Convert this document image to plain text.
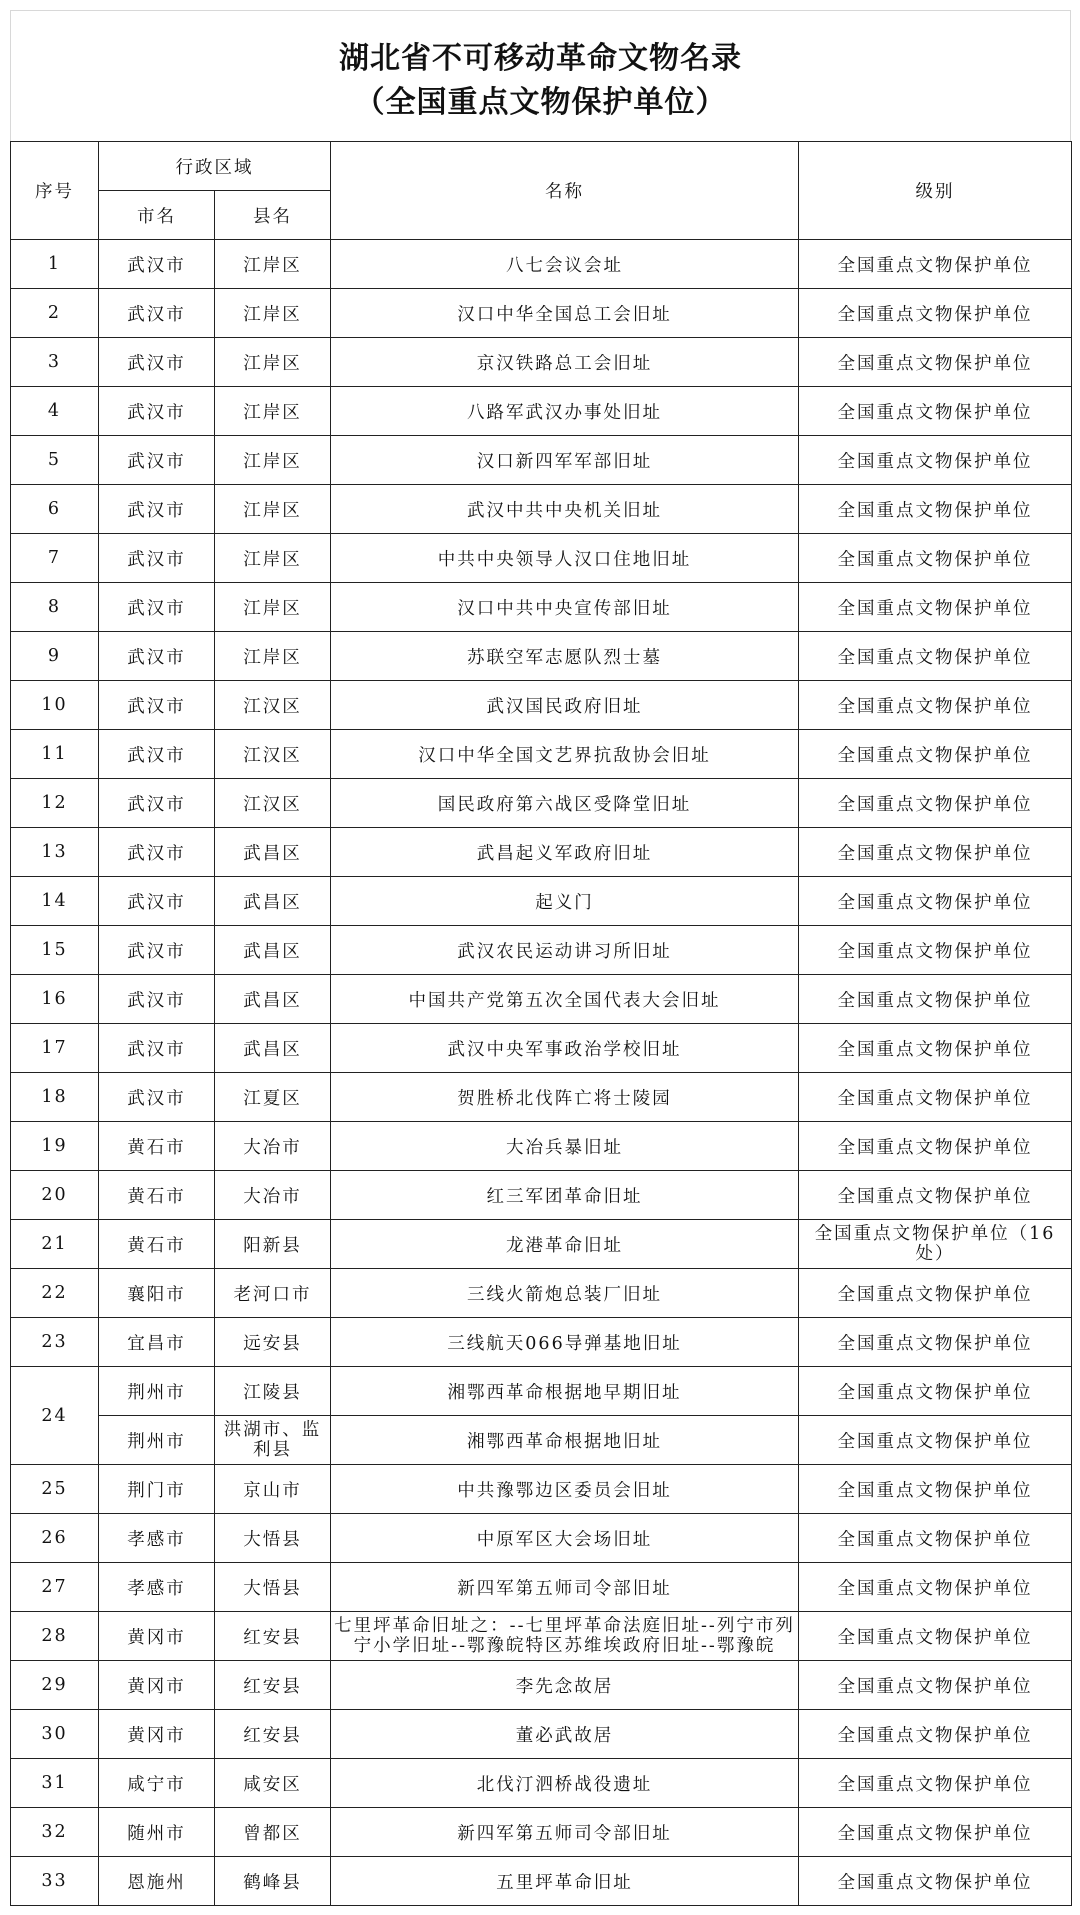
湖北省不可移动革命文物名录
（全国重点文物保护单位）
序号	行政区域		名称	级别
	市名	县名		
1	武汉市	江岸区	八七会议会址	全国重点文物保护单位
2	武汉市	江岸区	汉口中华全国总工会旧址	全国重点文物保护单位
3	武汉市	江岸区	京汉铁路总工会旧址	全国重点文物保护单位
4	武汉市	江岸区	八路军武汉办事处旧址	全国重点文物保护单位
5	武汉市	江岸区	汉口新四军军部旧址	全国重点文物保护单位
6	武汉市	江岸区	武汉中共中央机关旧址	全国重点文物保护单位
7	武汉市	江岸区	中共中央领导人汉口住地旧址	全国重点文物保护单位
8	武汉市	江岸区	汉口中共中央宣传部旧址	全国重点文物保护单位
9	武汉市	江岸区	苏联空军志愿队烈士墓	全国重点文物保护单位
10	武汉市	江汉区	武汉国民政府旧址	全国重点文物保护单位
11	武汉市	江汉区	汉口中华全国文艺界抗敌协会旧址	全国重点文物保护单位
12	武汉市	江汉区	国民政府第六战区受降堂旧址	全国重点文物保护单位
13	武汉市	武昌区	武昌起义军政府旧址	全国重点文物保护单位
14	武汉市	武昌区	起义门	全国重点文物保护单位
15	武汉市	武昌区	武汉农民运动讲习所旧址	全国重点文物保护单位
16	武汉市	武昌区	中国共产党第五次全国代表大会旧址	全国重点文物保护单位
17	武汉市	武昌区	武汉中央军事政治学校旧址	全国重点文物保护单位
18	武汉市	江夏区	贺胜桥北伐阵亡将士陵园	全国重点文物保护单位
19	黄石市	大冶市	大冶兵暴旧址	全国重点文物保护单位
20	黄石市	大冶市	红三军团革命旧址	全国重点文物保护单位
21	黄石市	阳新县	龙港革命旧址	全国重点文物保护单位（16处）
22	襄阳市	老河口市	三线火箭炮总装厂旧址	全国重点文物保护单位
23	宜昌市	远安县	三线航天066导弹基地旧址	全国重点文物保护单位
24	荆州市	江陵县	湘鄂西革命根据地早期旧址	全国重点文物保护单位
	荆州市	洪湖市、监利县	湘鄂西革命根据地旧址	全国重点文物保护单位
25	荆门市	京山市	中共豫鄂边区委员会旧址	全国重点文物保护单位
26	孝感市	大悟县	中原军区大会场旧址	全国重点文物保护单位
27	孝感市	大悟县	新四军第五师司令部旧址	全国重点文物保护单位
28	黄冈市	红安县	七里坪革命旧址之：--七里坪革命法庭旧址--列宁市列宁小学旧址--鄂豫皖特区苏维埃政府旧址--鄂豫皖	全国重点文物保护单位
29	黄冈市	红安县	李先念故居	全国重点文物保护单位
30	黄冈市	红安县	董必武故居	全国重点文物保护单位
31	咸宁市	咸安区	北伐汀泗桥战役遗址	全国重点文物保护单位
32	随州市	曾都区	新四军第五师司令部旧址	全国重点文物保护单位
33	恩施州	鹤峰县	五里坪革命旧址	全国重点文物保护单位
